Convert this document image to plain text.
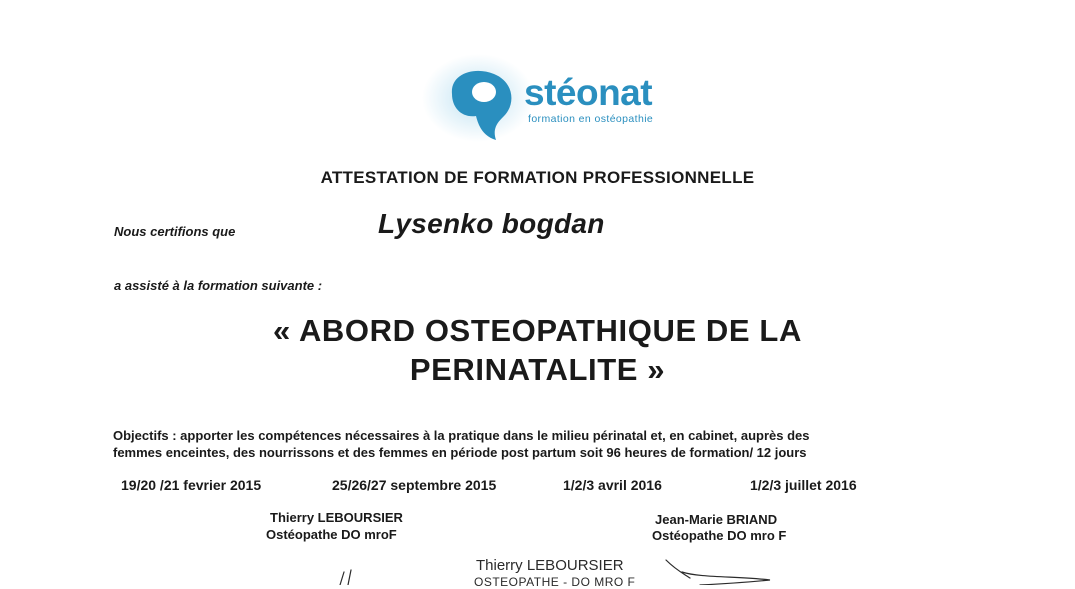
stéonat
formation en ostéopathie
ATTESTATION DE FORMATION PROFESSIONNELLE
Nous certifions que	Lysenko bogdan
a assisté à la formation suivante :
« ABORD OSTEOPATHIQUE DE LA
PERINATALITE »
Objectifs : apporter les compétences nécessaires à la pratique dans le milieu périnatal et, en cabinet, auprès des
femmes enceintes, des nourrissons et des femmes en période post partum soit 96 heures de formation/ 12 jours
19/20 /21 fevrier 2015	25/26/27 septembre 2015	1/2/3 avril 2016	1/2/3 juillet 2016
Thierry LEBOURSIER
Ostéopathe DO mroF
Jean-Marie BRIAND
Ostéopathe DO mro F
Thierry LEBOURSIER
OSTEOPATHE - DO MRO F
